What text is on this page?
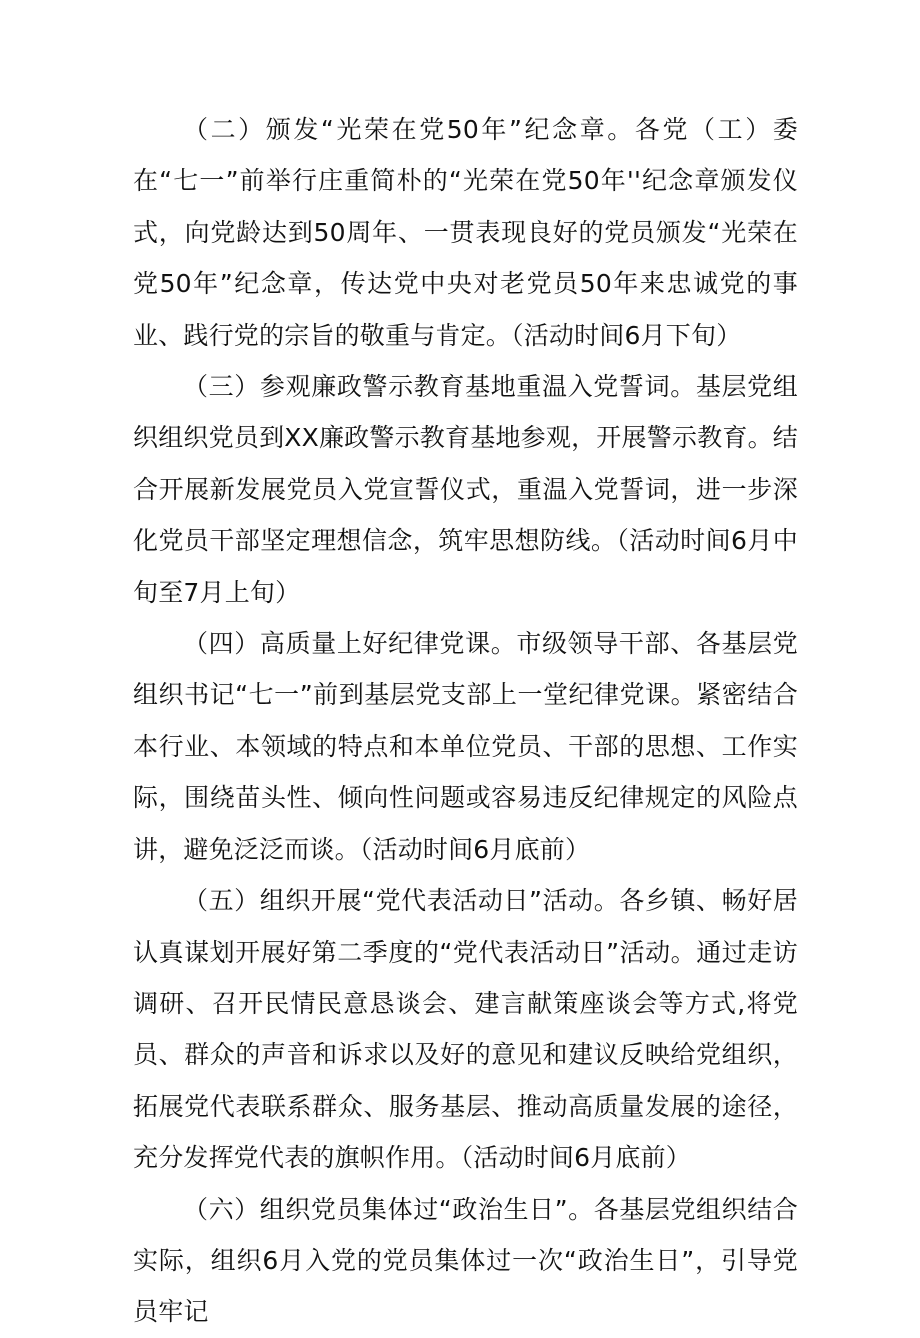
（二）颁发“光荣在党50年”纪念章。各党（工）委在“七一”前举行庄重简朴的“光荣在党50年''纪念章颁发仪式，向党龄达到50周年、一贯表现良好的党员颁发“光荣在党50年”纪念章，传达党中央对老党员50年来忠诚党的事业、践行党的宗旨的敬重与肯定。（活动时间6月下旬）

（三）参观廉政警示教育基地重温入党誓词。基层党组织组织党员到XX廉政警示教育基地参观，开展警示教育。结合开展新发展党员入党宣誓仪式，重温入党誓词，进一步深化党员干部坚定理想信念，筑牢思想防线。（活动时间6月中旬至7月上旬）

（四）高质量上好纪律党课。市级领导干部、各基层党组织书记“七一”前到基层党支部上一堂纪律党课。紧密结合本行业、本领域的特点和本单位党员、干部的思想、工作实际，围绕苗头性、倾向性问题或容易违反纪律规定的风险点讲，避免泛泛而谈。（活动时间6月底前）

（五）组织开展“党代表活动日”活动。各乡镇、畅好居认真谋划开展好第二季度的“党代表活动日”活动。通过走访调研、召开民情民意恳谈会、建言献策座谈会等方式,将党员、群众的声音和诉求以及好的意见和建议反映给党组织，拓展党代表联系群众、服务基层、推动高质量发展的途径，充分发挥党代表的旗帜作用。（活动时间6月底前）

（六）组织党员集体过“政治生日”。各基层党组织结合实际，组织6月入党的党员集体过一次“政治生日”，引导党员牢记
